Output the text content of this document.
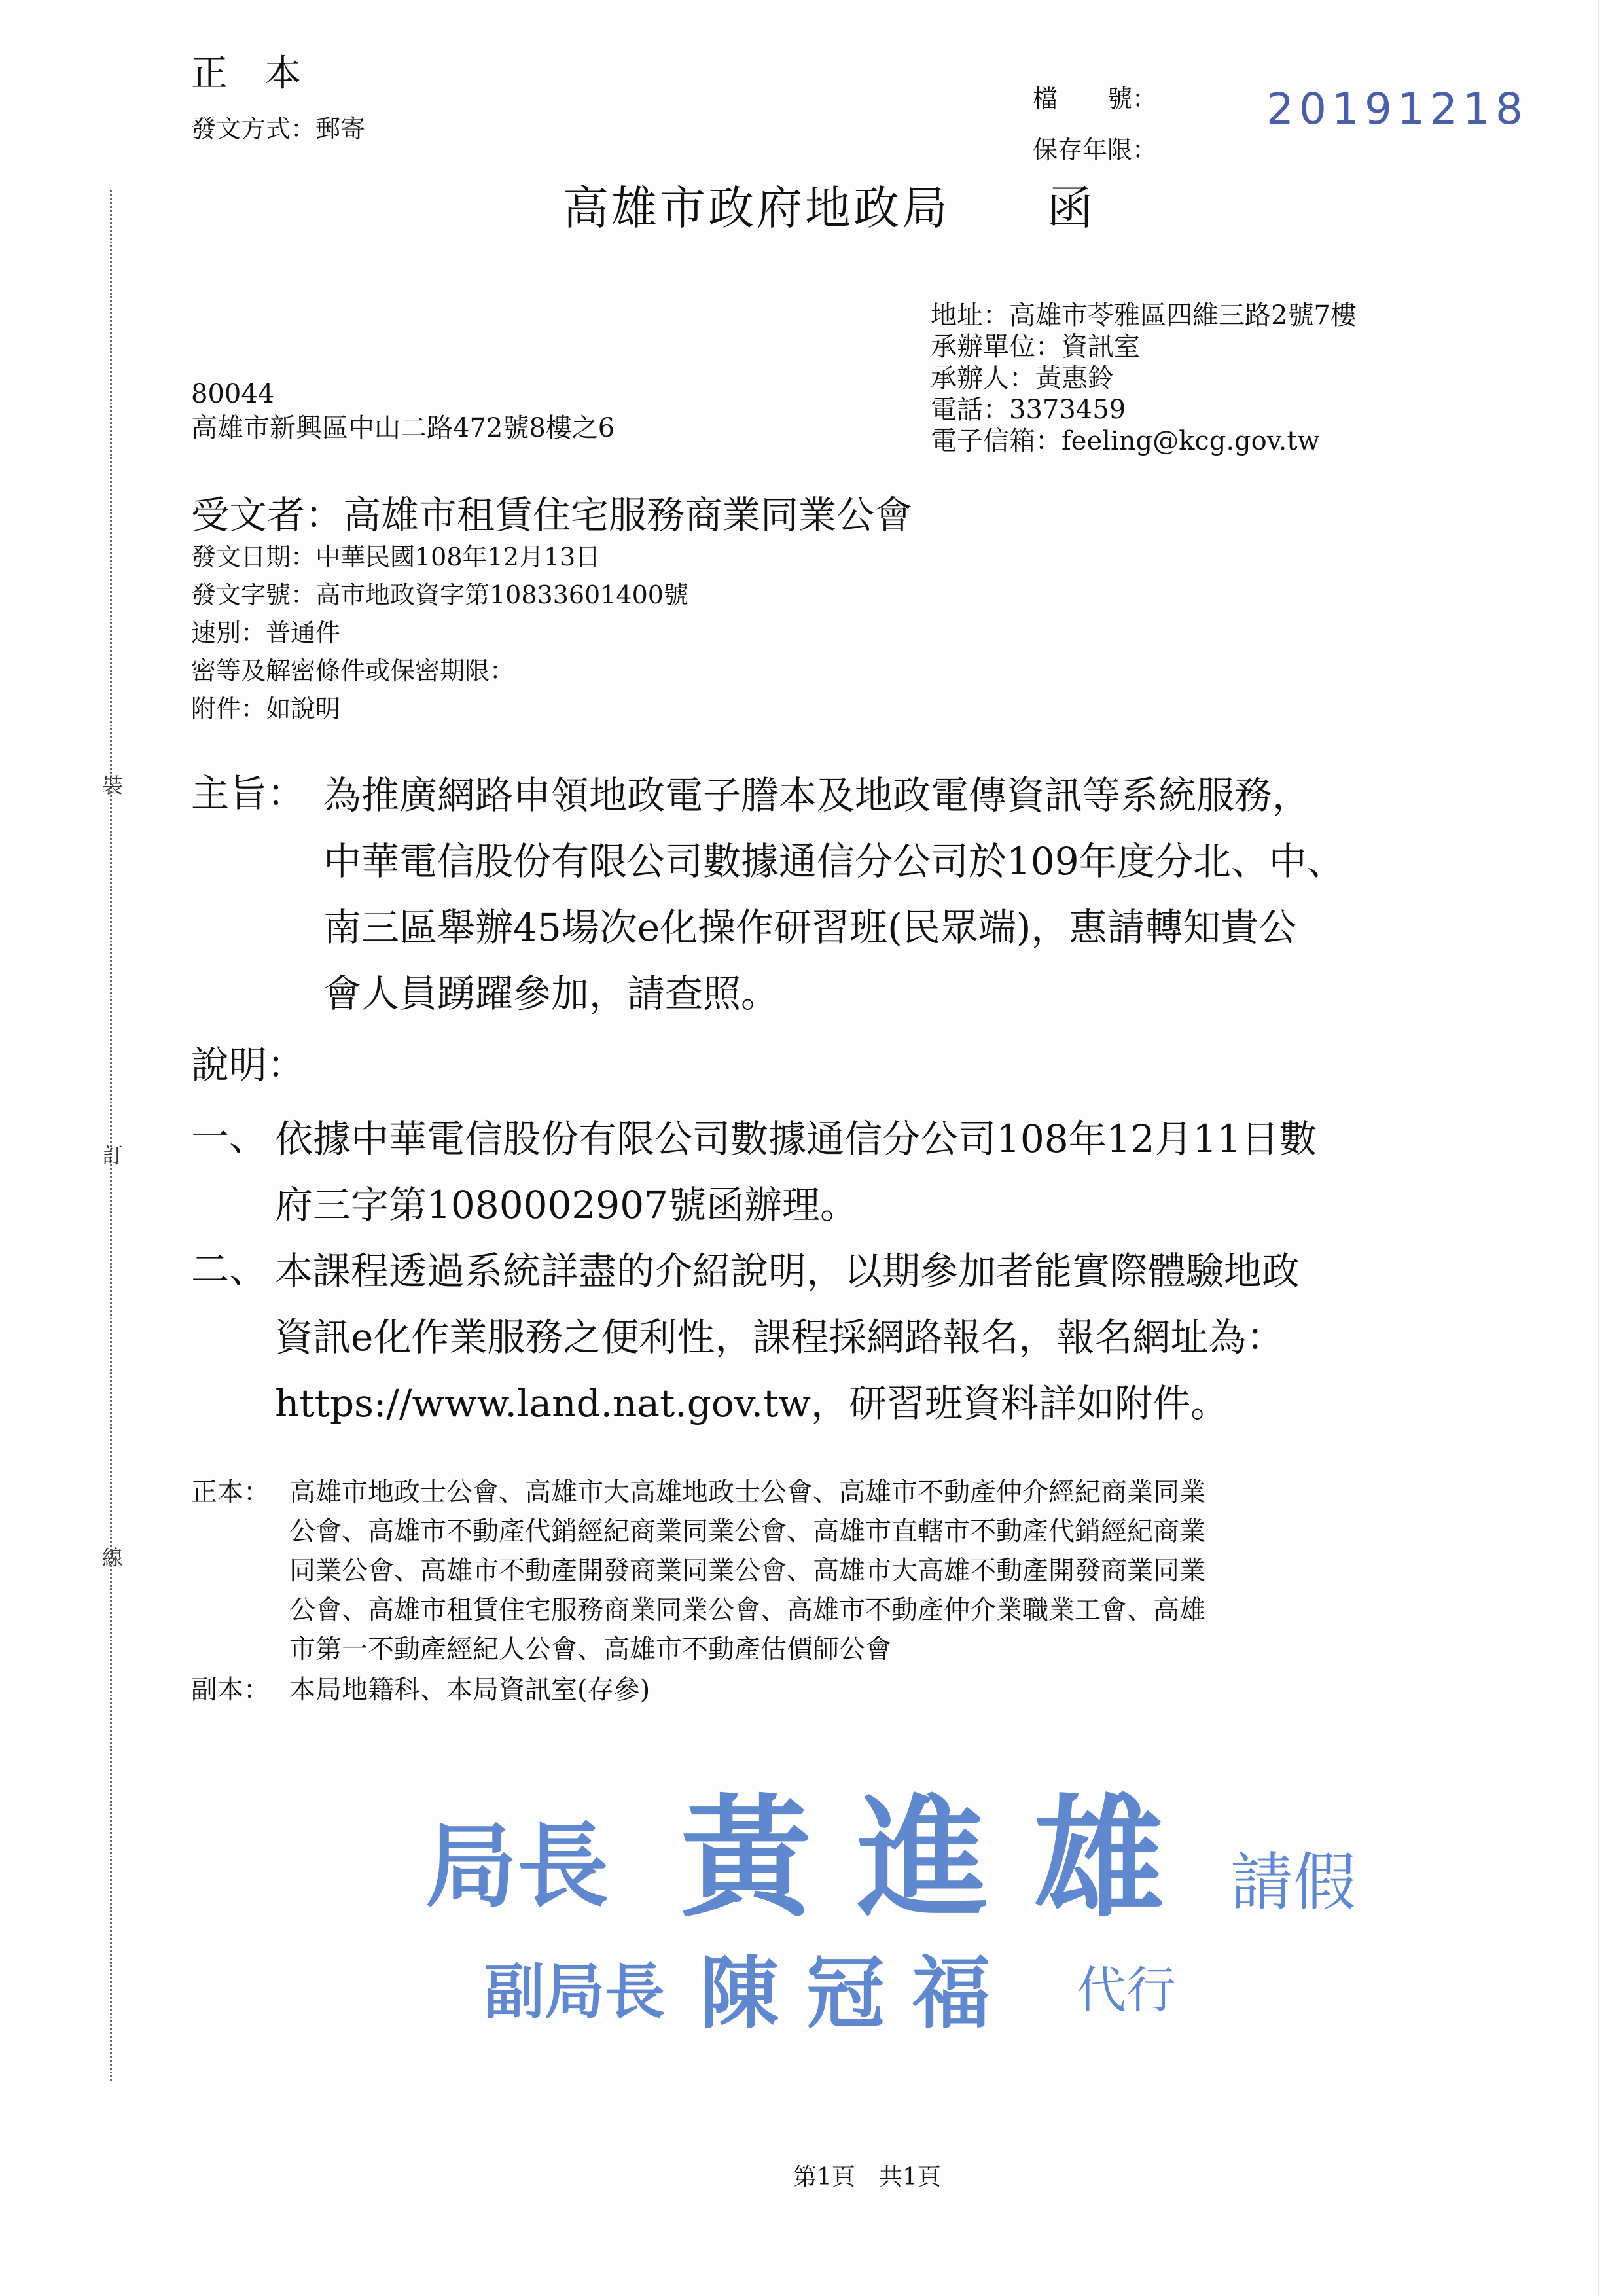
裝
訂
線
正　本
發文方式：郵寄
檔　　號：
保存年限：
20191218
高雄市政府地政局　　函
地址：高雄市苓雅區四維三路2號7樓
承辦單位：資訊室
承辦人：黃惠鈴
電話：3373459
電子信箱：feeling@kcg.gov.tw
80044
高雄市新興區中山二路472號8樓之6
受文者：高雄市租賃住宅服務商業同業公會
發文日期：中華民國108年12月13日
發文字號：高市地政資字第10833601400號
速別：普通件
密等及解密條件或保密期限：
附件：如說明
主旨： 為推廣網路申領地政電子謄本及地政電傳資訊等系統服務，
中華電信股份有限公司數據通信分公司於109年度分北、中、
南三區舉辦45場次e化操作研習班(民眾端)，惠請轉知貴公
會人員踴躍參加，請查照。
說明：
一、 依據中華電信股份有限公司數據通信分公司108年12月11日數
府三字第1080002907號函辦理。
二、 本課程透過系統詳盡的介紹說明，以期參加者能實際體驗地政
資訊e化作業服務之便利性，課程採網路報名，報名網址為：
https://www.land.nat.gov.tw，研習班資料詳如附件。
正本： 高雄市地政士公會、高雄市大高雄地政士公會、高雄市不動產仲介經紀商業同業
公會、高雄市不動產代銷經紀商業同業公會、高雄市直轄市不動產代銷經紀商業
同業公會、高雄市不動產開發商業同業公會、高雄市大高雄不動產開發商業同業
公會、高雄市租賃住宅服務商業同業公會、高雄市不動產仲介業職業工會、高雄
市第一不動產經紀人公會、高雄市不動產估價師公會
副本： 本局地籍科、本局資訊室(存參)
局長 黃 進 雄 請假
副局長 陳 冠 福 代行
第1頁　共1頁
